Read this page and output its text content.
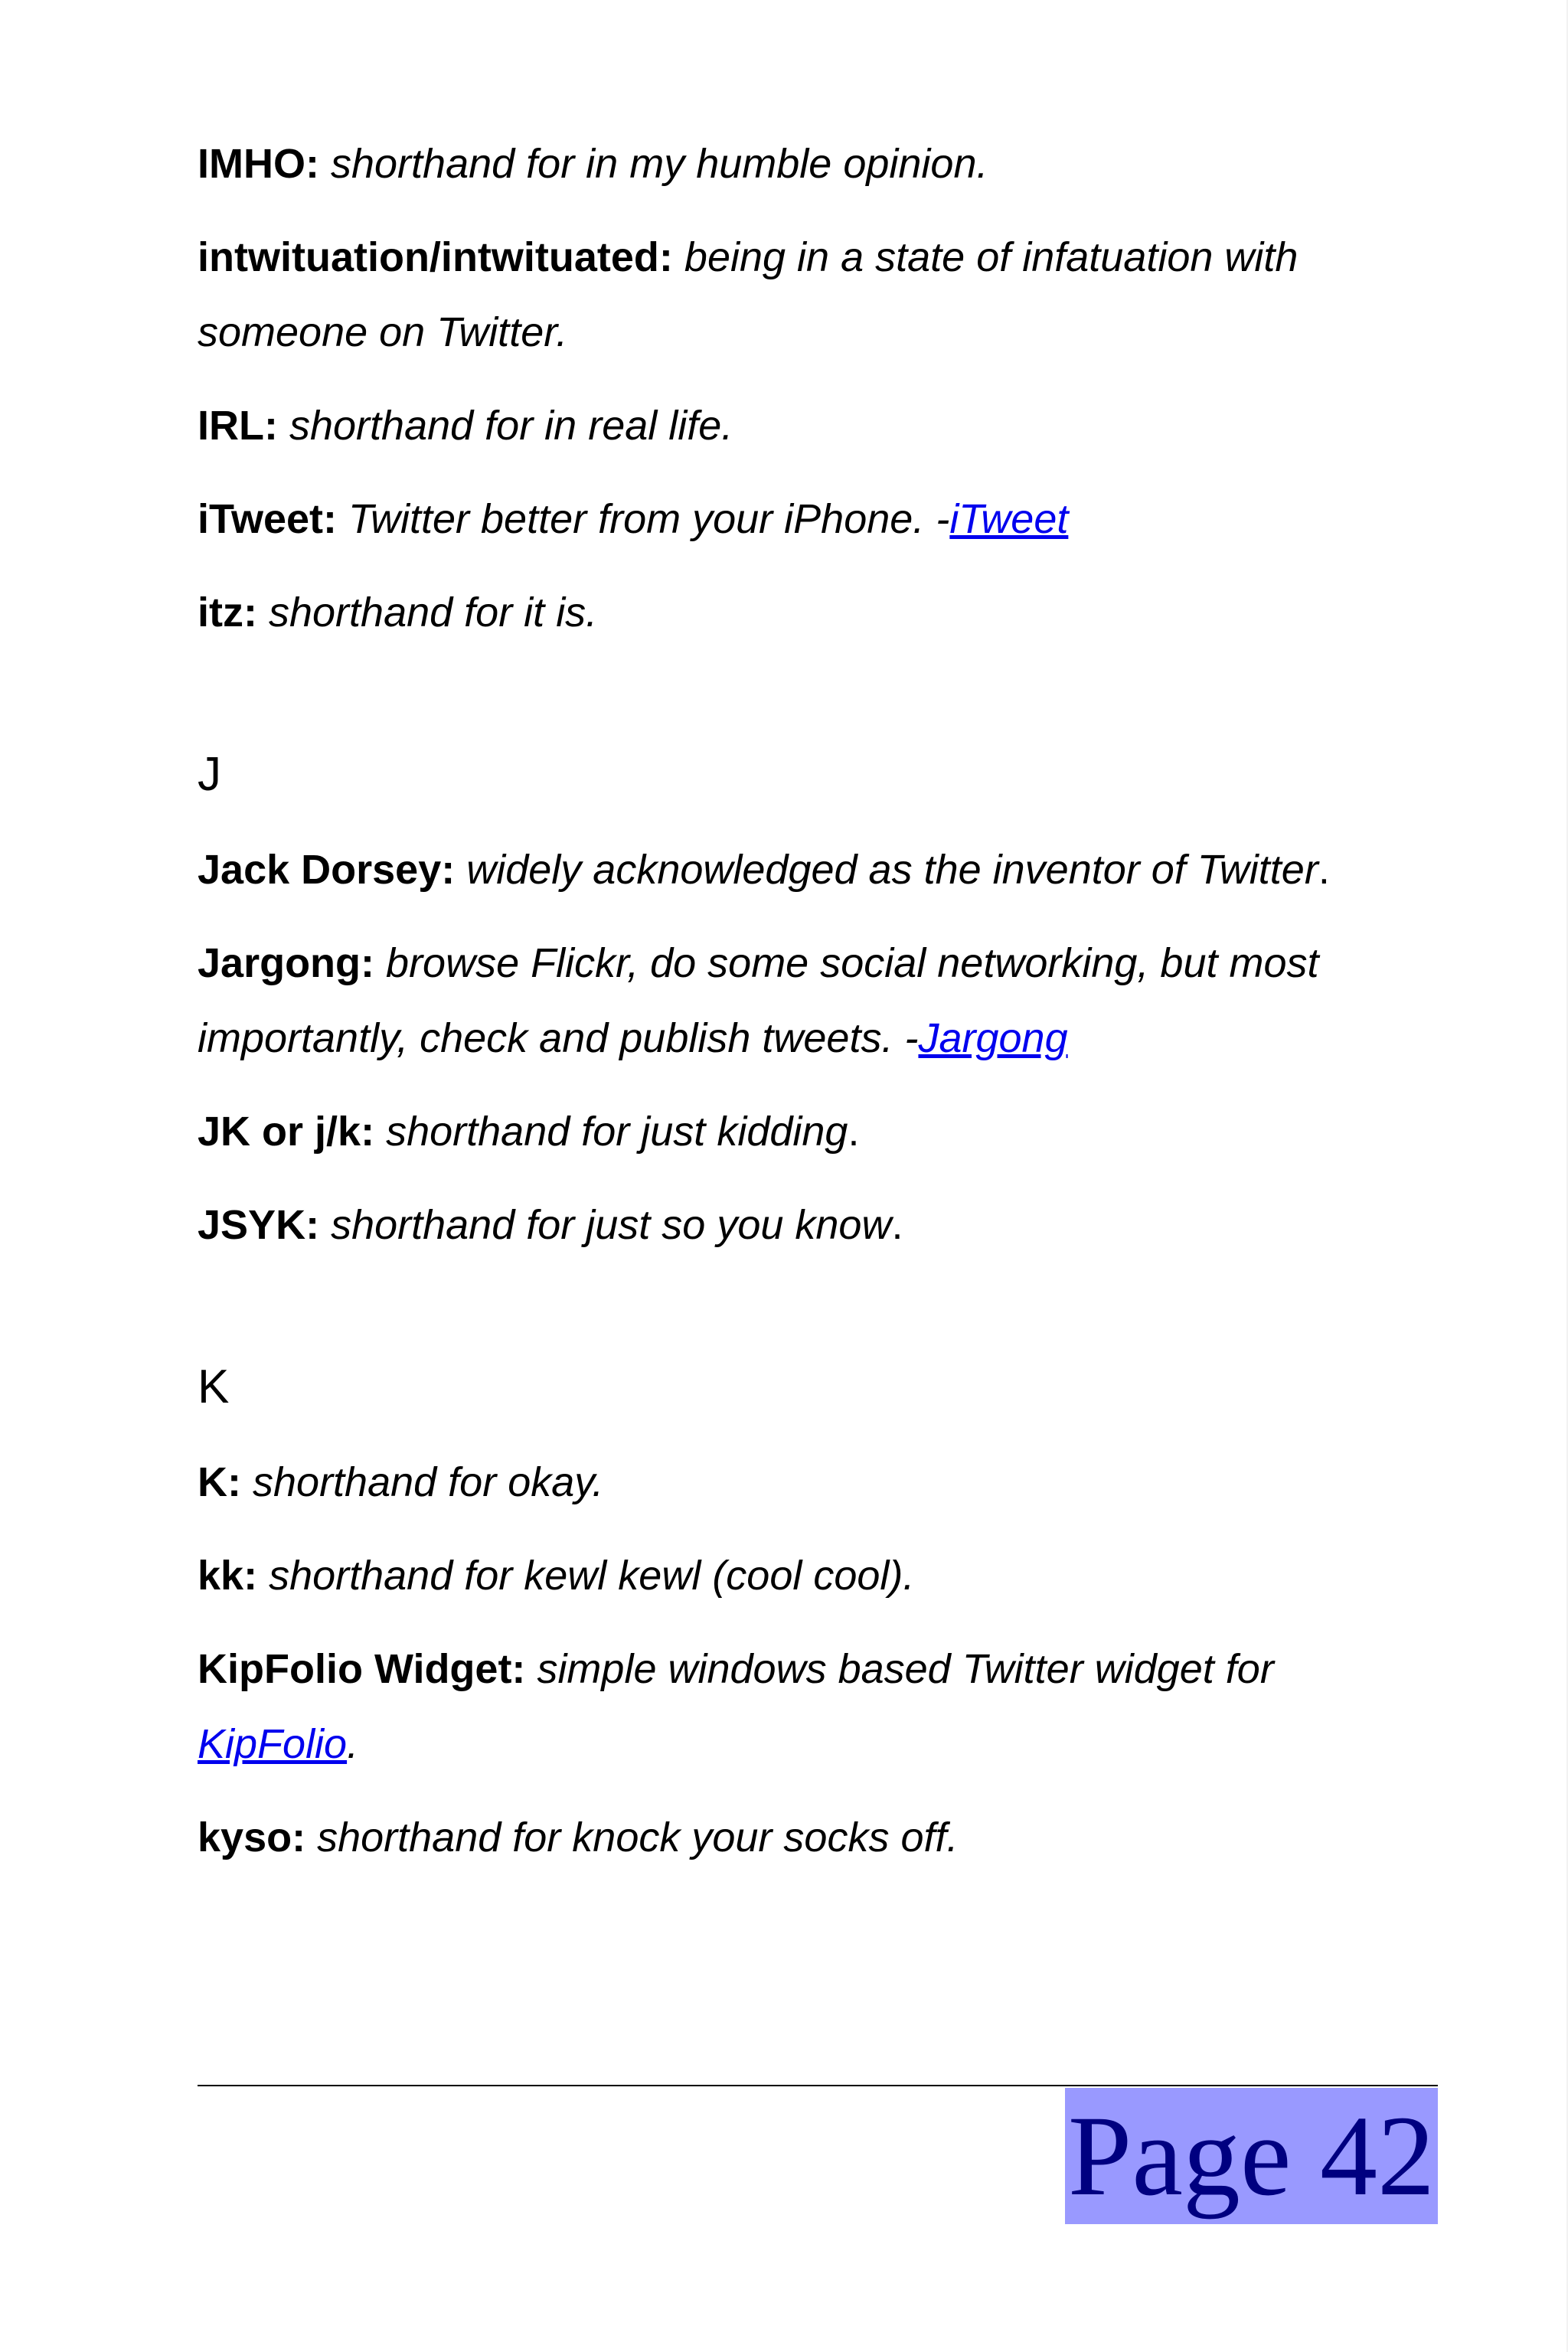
IMHO: shorthand for in my humble opinion.
intwituation/intwituated: being in a state of infatuation with someone on Twitter.
IRL: shorthand for in real life.
iTweet: Twitter better from your iPhone. -iTweet
itz: shorthand for it is.
J
Jack Dorsey: widely acknowledged as the inventor of Twitter.
Jargong: browse Flickr, do some social networking, but most importantly, check and publish tweets. -Jargong
JK or j/k: shorthand for just kidding.
JSYK: shorthand for just so you know.
K
K: shorthand for okay.
kk: shorthand for kewl kewl (cool cool).
KipFolio Widget: simple windows based Twitter widget for KipFolio.
kyso: shorthand for knock your socks off.
Page 42
